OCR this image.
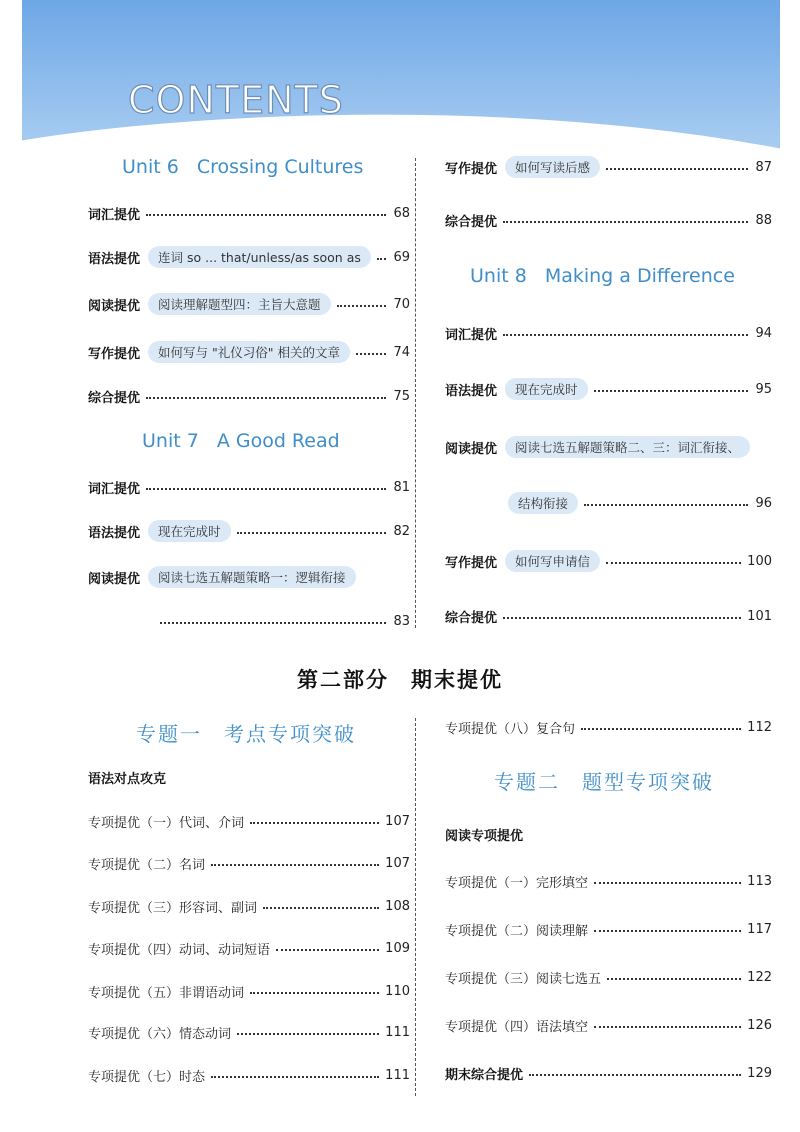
CONTENTS
Unit 6 Crossing Cultures
词汇提优	68
语法提优	连词 so ... that/unless/as soon as	69
阅读提优	阅读理解题型四：主旨大意题	70
写作提优	如何写与 "礼仪习俗" 相关的文章	74
综合提优	75
Unit 7 A Good Read
词汇提优	81
语法提优	现在完成时	82
阅读提优	阅读七选五解题策略一：逻辑衔接
83
写作提优	如何写读后感	87
综合提优	88
Unit 8 Making a Difference
词汇提优	94
语法提优	现在完成时	95
阅读提优	阅读七选五解题策略二、三：词汇衔接、
结构衔接	96
写作提优	如何写申请信	100
综合提优	101
第二部分 期末提优
专题一 考点专项突破
语法对点攻克
专项提优（一）代词、介词	107
专项提优（二）名词	107
专项提优（三）形容词、副词	108
专项提优（四）动词、动词短语	109
专项提优（五）非谓语动词	110
专项提优（六）情态动词	111
专项提优（七）时态	111
专项提优（八）复合句	112
专题二 题型专项突破
阅读专项提优
专项提优（一）完形填空	113
专项提优（二）阅读理解	117
专项提优（三）阅读七选五	122
专项提优（四）语法填空	126
期末综合提优	129
